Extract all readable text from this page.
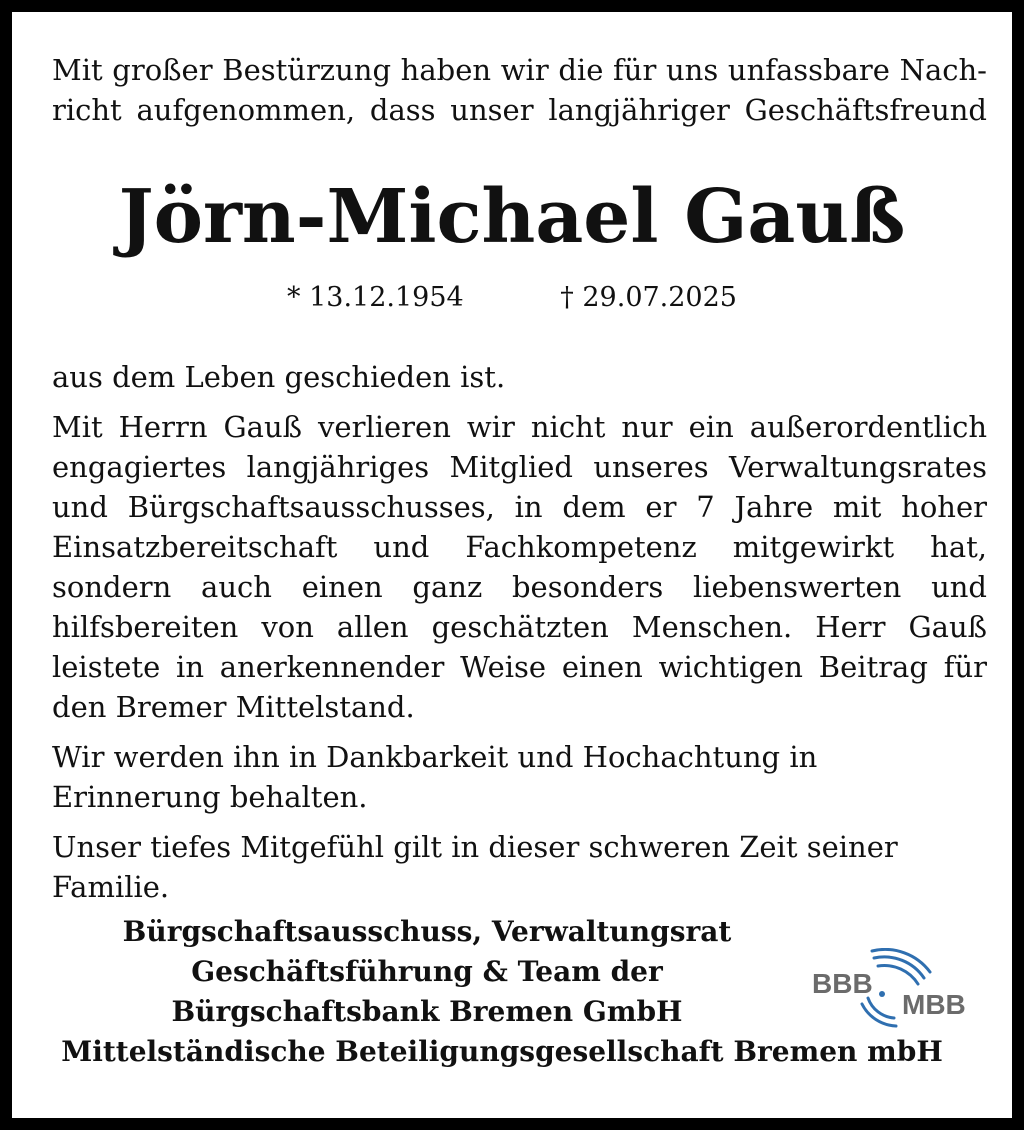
Mit großer Bestürzung haben wir die für uns unfassbare Nach-
richt aufgenommen, dass unser langjähriger Geschäftsfreund
Jörn-Michael Gauß
* 13.12.1954	† 29.07.2025

aus dem Leben geschieden ist.

Mit Herrn Gauß verlieren wir nicht nur ein außerordentlich engagiertes langjähriges Mitglied unseres Verwaltungsrates und Bürgschaftsausschusses, in dem er 7 Jahre mit hoher Einsatzbereitschaft und Fachkompetenz mitgewirkt hat, sondern auch einen ganz besonders liebenswerten und hilfsbereiten von allen geschätzten Menschen. Herr Gauß leistete in anerkennender Weise einen wichtigen Beitrag für den Bremer Mittelstand.

Wir werden ihn in Dankbarkeit und Hochachtung in Erinnerung behalten.

Unser tiefes Mitgefühl gilt in dieser schweren Zeit seiner Familie.

Bürgschaftsausschuss, Verwaltungsrat
Geschäftsführung & Team der
Bürgschaftsbank Bremen GmbH
Mittelständische Beteiligungsgesellschaft Bremen mbH
BBB
MBB
